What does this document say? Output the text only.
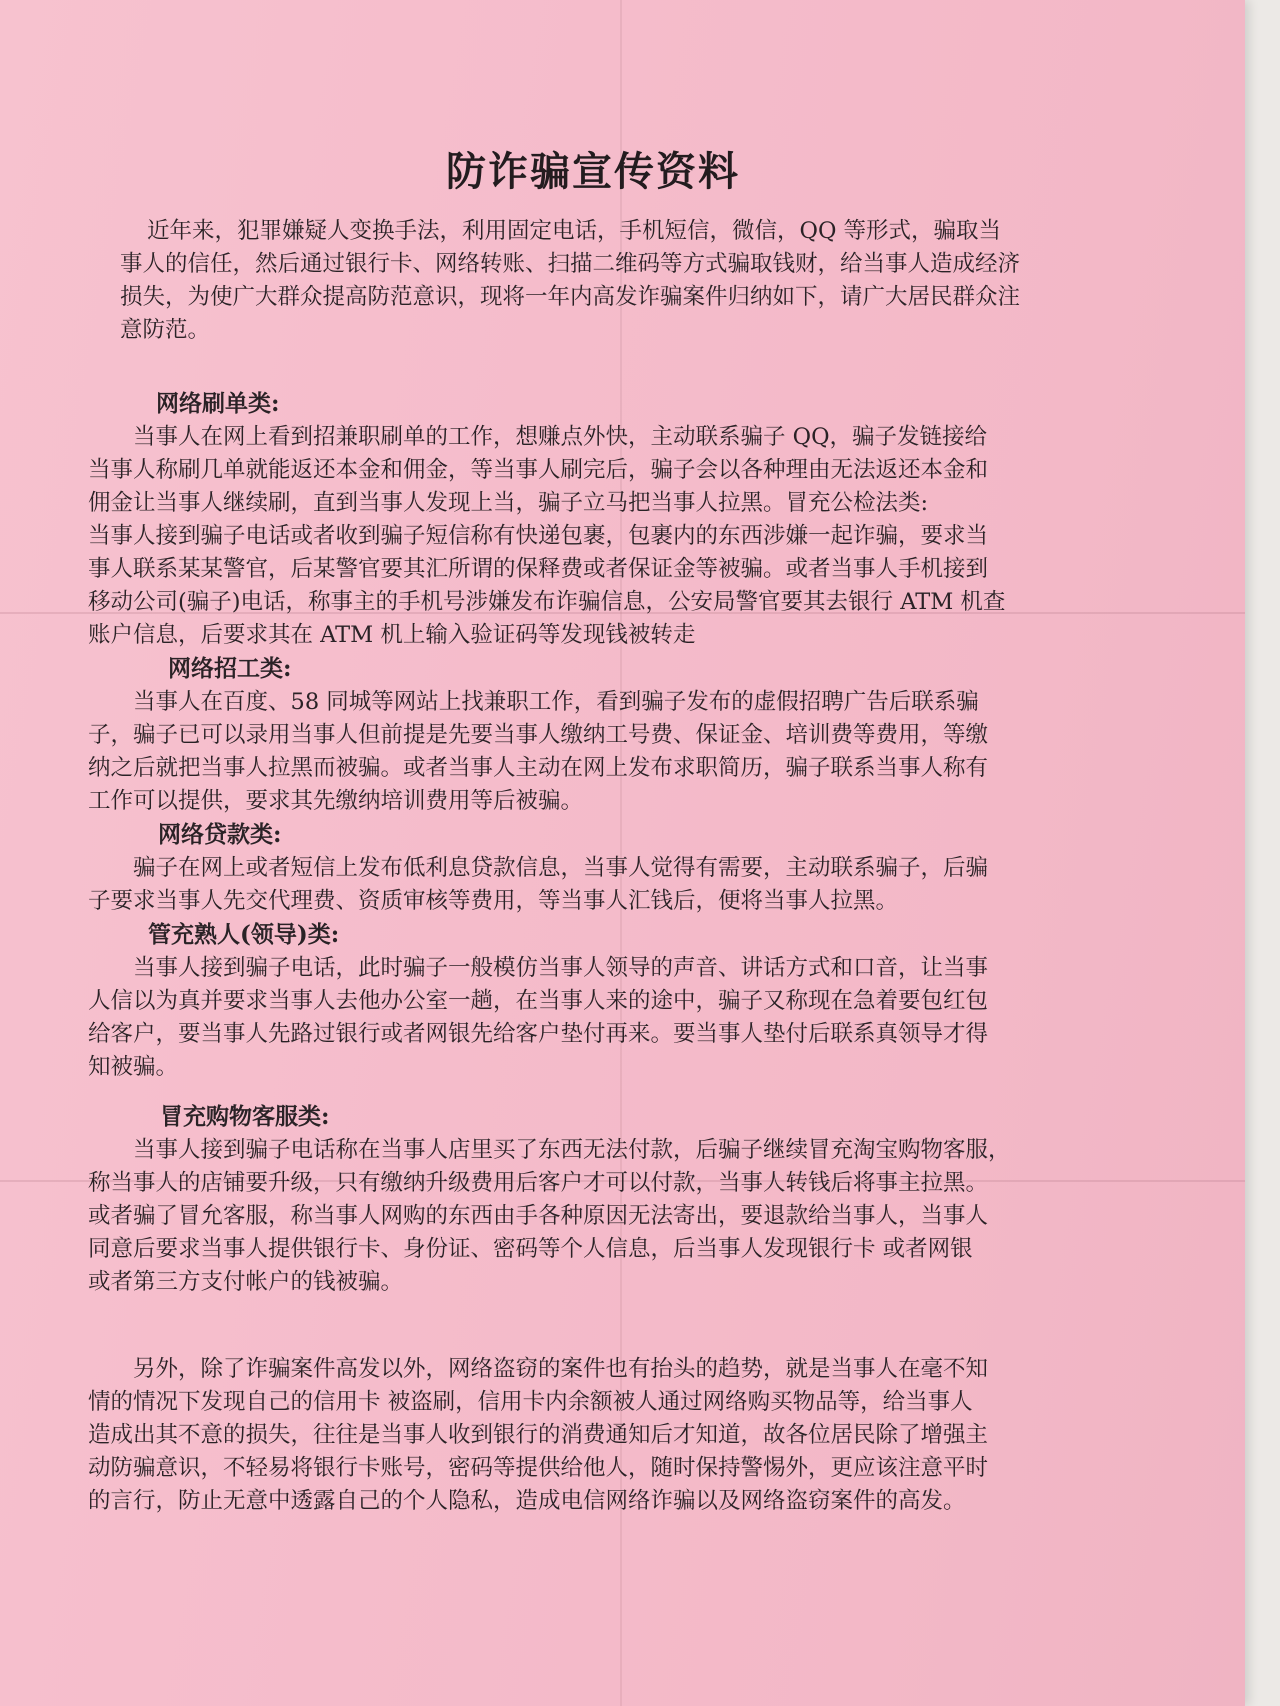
防诈骗宣传资料

近年来，犯罪嫌疑人变换手法，利用固定电话，手机短信，微信，QQ 等形式，骗取当
事人的信任，然后通过银行卡、网络转账、扫描二维码等方式骗取钱财，给当事人造成经济
损失，为使广大群众提高防范意识，现将一年内高发诈骗案件归纳如下，请广大居民群众注
意防范。

网络刷单类:

当事人在网上看到招兼职刷单的工作，想赚点外快，主动联系骗子 QQ，骗子发链接给
当事人称刷几单就能返还本金和佣金，等当事人刷完后，骗子会以各种理由无法返还本金和
佣金让当事人继续刷，直到当事人发现上当，骗子立马把当事人拉黑。冒充公检法类:
当事人接到骗子电话或者收到骗子短信称有快递包裹，包裹内的东西涉嫌一起诈骗，要求当
事人联系某某警官，后某警官要其汇所谓的保释费或者保证金等被骗。或者当事人手机接到
移动公司(骗子)电话，称事主的手机号涉嫌发布诈骗信息，公安局警官要其去银行 ATM 机查
账户信息，后要求其在 ATM 机上输入验证码等发现钱被转走

网络招工类:

当事人在百度、58 同城等网站上找兼职工作，看到骗子发布的虚假招聘广告后联系骗
子，骗子已可以录用当事人但前提是先要当事人缴纳工号费、保证金、培训费等费用，等缴
纳之后就把当事人拉黑而被骗。或者当事人主动在网上发布求职简历，骗子联系当事人称有
工作可以提供，要求其先缴纳培训费用等后被骗。

网络贷款类:

骗子在网上或者短信上发布低利息贷款信息，当事人觉得有需要，主动联系骗子，后骗
子要求当事人先交代理费、资质审核等费用，等当事人汇钱后，便将当事人拉黑。

管充熟人(领导)类:

当事人接到骗子电话，此时骗子一般模仿当事人领导的声音、讲话方式和口音，让当事
人信以为真并要求当事人去他办公室一趟，在当事人来的途中，骗子又称现在急着要包红包
给客户，要当事人先路过银行或者网银先给客户垫付再来。要当事人垫付后联系真领导才得
知被骗。

冒充购物客服类:

当事人接到骗子电话称在当事人店里买了东西无法付款，后骗子继续冒充淘宝购物客服，
称当事人的店铺要升级，只有缴纳升级费用后客户才可以付款，当事人转钱后将事主拉黑。
或者骗了冒允客服，称当事人网购的东西由手各种原因无法寄出，要退款给当事人，当事人
同意后要求当事人提供银行卡、身份证、密码等个人信息，后当事人发现银行卡 或者网银
或者第三方支付帐户的钱被骗。

另外，除了诈骗案件高发以外，网络盗窃的案件也有抬头的趋势，就是当事人在毫不知
情的情况下发现自己的信用卡 被盗刷，信用卡内余额被人通过网络购买物品等，给当事人
造成出其不意的损失，往往是当事人收到银行的消费通知后才知道，故各位居民除了增强主
动防骗意识，不轻易将银行卡账号，密码等提供给他人，随时保持警惕外，更应该注意平时
的言行，防止无意中透露自己的个人隐私，造成电信网络诈骗以及网络盗窃案件的高发。
